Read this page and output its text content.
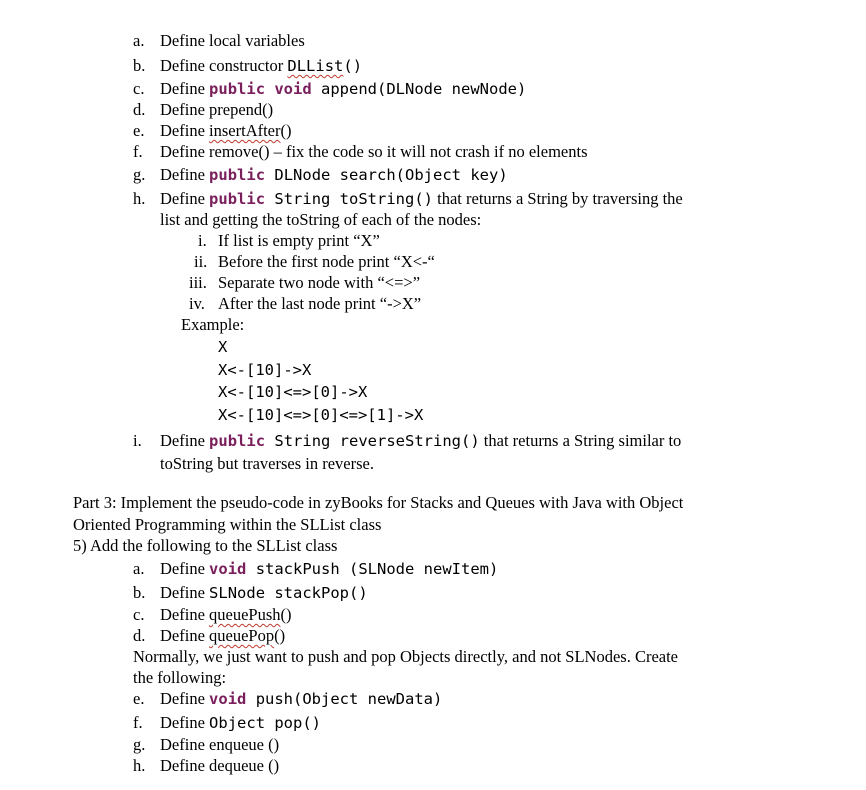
a. Define local variables
b. Define constructor DLList()
c. Define public void append(DLNode newNode)
d. Define prepend()
e. Define insertAfter()
f. Define remove() – fix the code so it will not crash if no elements
g. Define public DLNode search(Object key)
h. Define public String toString() that returns a String by traversing the
list and getting the toString of each of the nodes:
i. If list is empty print “X”
ii. Before the first node print “X<-“
iii. Separate two node with “<=>”
iv. After the last node print “->X”
Example:
X
X<-[10]->X
X<-[10]<=>[0]->X
X<-[10]<=>[0]<=>[1]->X
i. Define public String reverseString() that returns a String similar to
toString but traverses in reverse.
Part 3: Implement the pseudo-code in zyBooks for Stacks and Queues with Java with Object
Oriented Programming within the SLList class
5) Add the following to the SLList class
a. Define void stackPush (SLNode newItem)
b. Define SLNode stackPop()
c. Define queuePush()
d. Define queuePop()
Normally, we just want to push and pop Objects directly, and not SLNodes. Create
the following:
e. Define void push(Object newData)
f. Define Object pop()
g. Define enqueue ()
h. Define dequeue ()
